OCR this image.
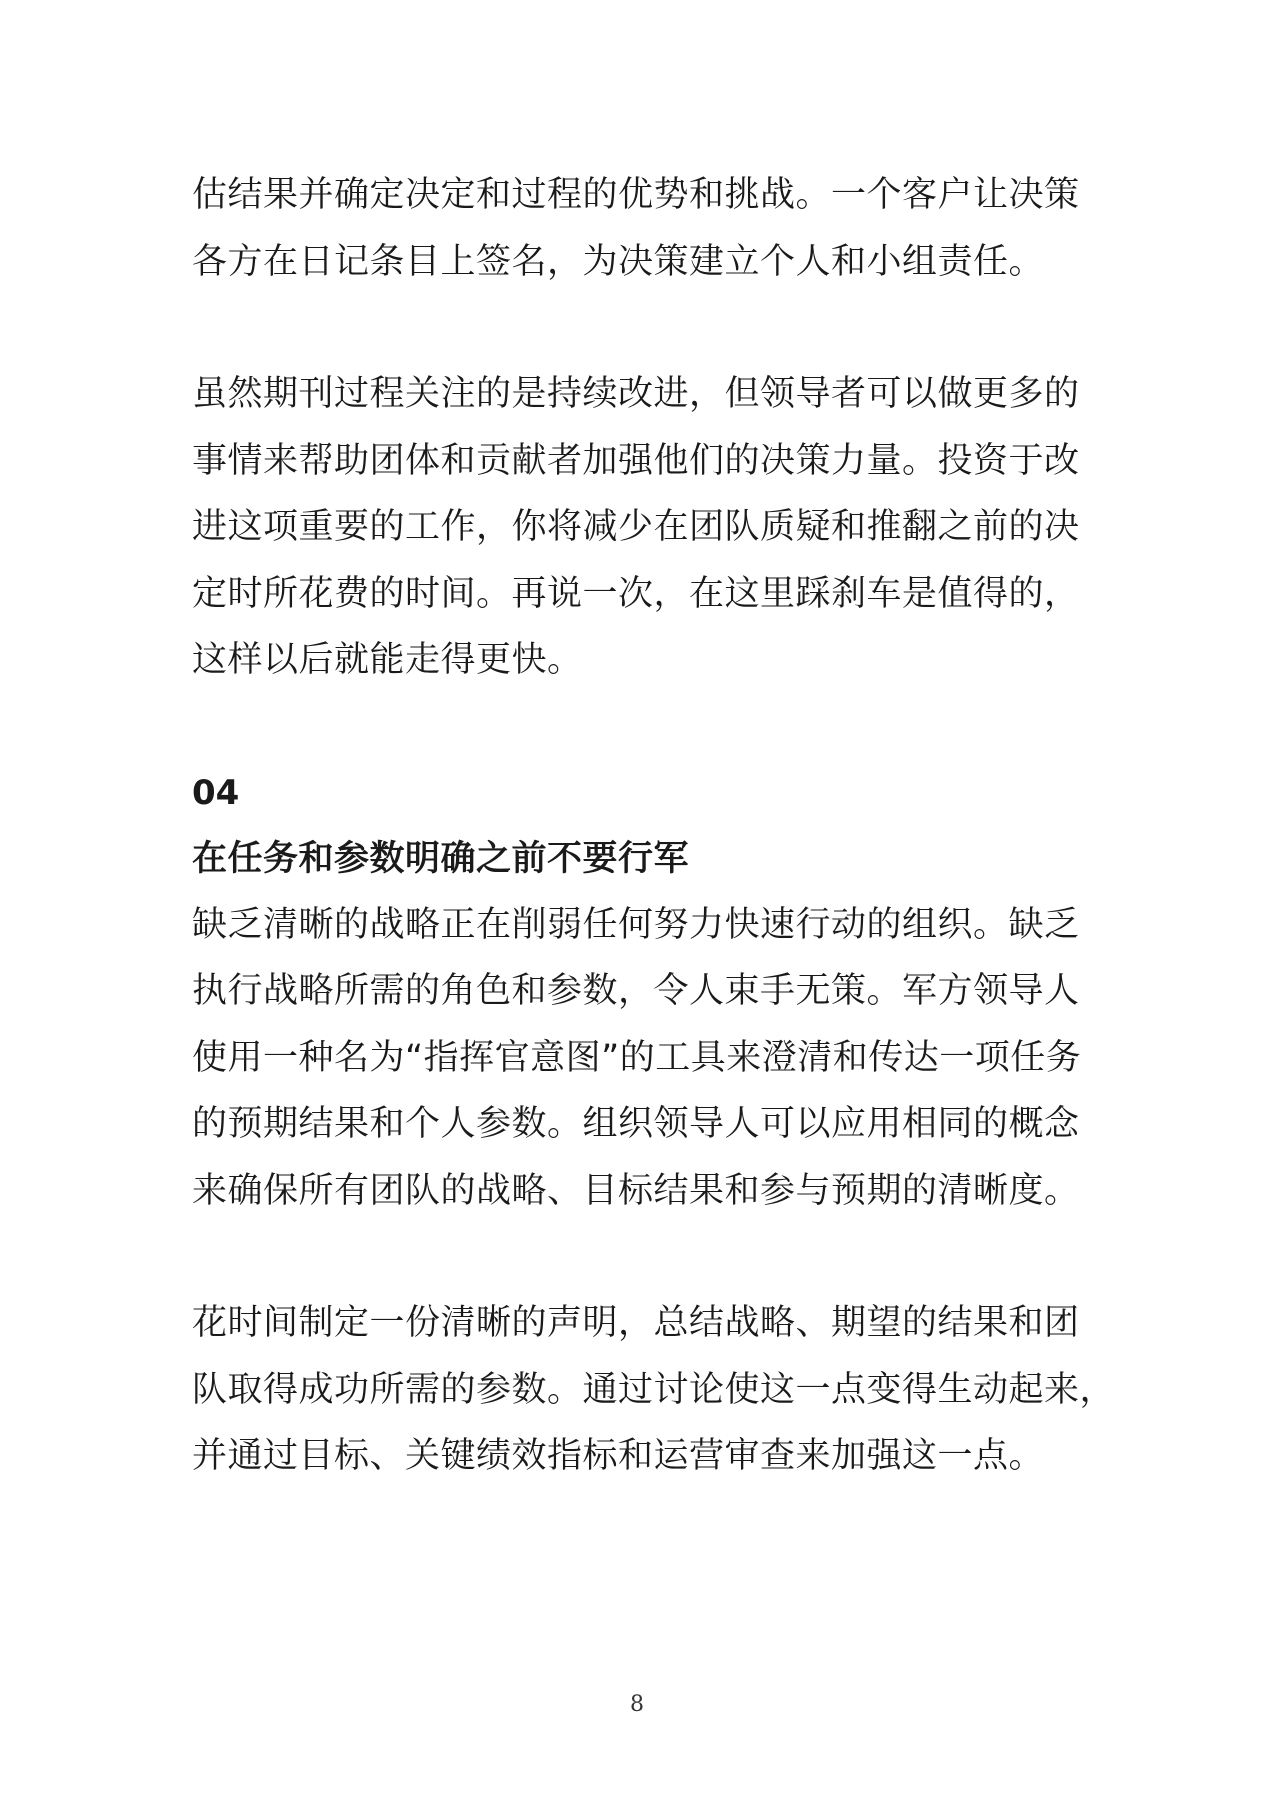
估结果并确定决定和过程的优势和挑战。一个客户让决策
各方在日记条目上签名，为决策建立个人和小组责任。

虽然期刊过程关注的是持续改进，但领导者可以做更多的
事情来帮助团体和贡献者加强他们的决策力量。投资于改
进这项重要的工作，你将减少在团队质疑和推翻之前的决
定时所花费的时间。再说一次，在这里踩刹车是值得的，
这样以后就能走得更快。

04
在任务和参数明确之前不要行军

缺乏清晰的战略正在削弱任何努力快速行动的组织。缺乏
执行战略所需的角色和参数，令人束手无策。军方领导人
使用一种名为“指挥官意图”的工具来澄清和传达一项任务
的预期结果和个人参数。组织领导人可以应用相同的概念
来确保所有团队的战略、目标结果和参与预期的清晰度。

花时间制定一份清晰的声明，总结战略、期望的结果和团
队取得成功所需的参数。通过讨论使这一点变得生动起来，
并通过目标、关键绩效指标和运营审查来加强这一点。

8
